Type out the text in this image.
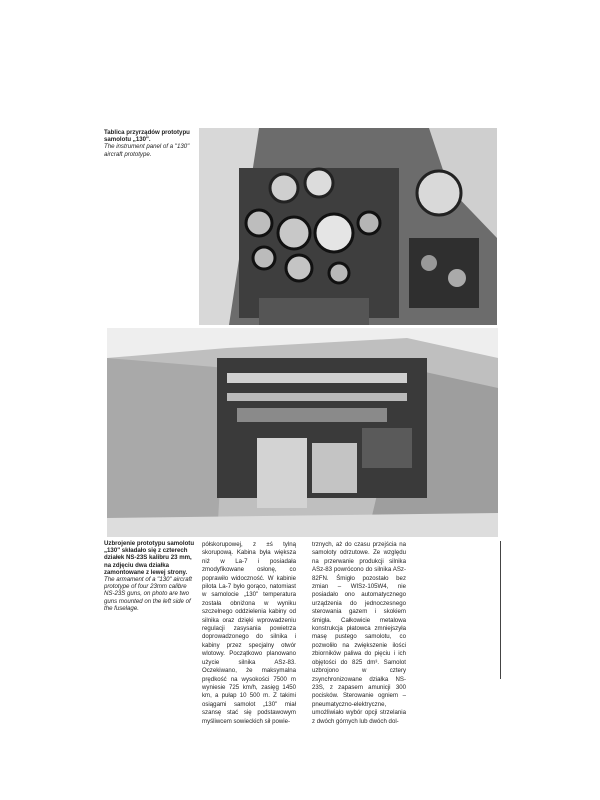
Tablica przyrządów prototypu samolotu „130".
The instrument panel of a "130" aircraft prototype.
Uzbrojenie prototypu samolotu „130" składało się z czterech działek NS-23S kalibru 23 mm, na zdjęciu dwa działka zamontowane z lewej strony.
The armament of a "130" aircraft prototype of four 23mm calibre NS-23S guns, on photo are two guns mounted on the left side of the fuselage.
półskorupowej, z ±ś tylną skorupową. Kabina była większa niż w La-7 i posiadała zmodyfikowane osłonę, co poprawiło widoczność. W kabinie pilota La-7 było gorąco, natomiast w samolocie „130" temperatura została obniżona w wyniku szczelnego oddzielenia kabiny od silnika oraz dzięki wprowadzeniu regulacji zasysania powietrza doprowadzonego do silnika i kabiny przez specjalny otwór wlotowy. Początkowo planowano użycie silnika ASz-83. Oczekiwano, że maksymalna prędkość na wysokości 7500 m wyniesie 725 km/h, zasięg 1450 km, a pułap 10 500 m. Z takimi osiągami samolot „130" miał szansę stać się podstawowym myśliwcem sowieckich sił powie-
trznych, aż do czasu przejścia na samoloty odrzutowe. Ze względu na przerwanie produkcji silnika ASz-83 powrócono do silnika ASz-82FN. Śmigło pozostało bez zmian – WISz-105W4, nie posiadało ono automatycznego urządzenia do jednoczesnego sterowania gazem i skokiem śmigła. Całkowicie metalowa konstrukcja płatowca zmniejszyła masę pustego samolotu, co pozwoliło na zwiększenie ilości zbiorników paliwa do pięciu i ich objętości do 825 dm³. Samolot uzbrojono w cztery zsynchronizowane działka NS-23S, z zapasem amunicji 300 pocisków. Sterowanie ogniem – pneumatyczno-elektryczne, umożliwiało wybór opcji strzelania z dwóch górnych lub dwóch dol-
